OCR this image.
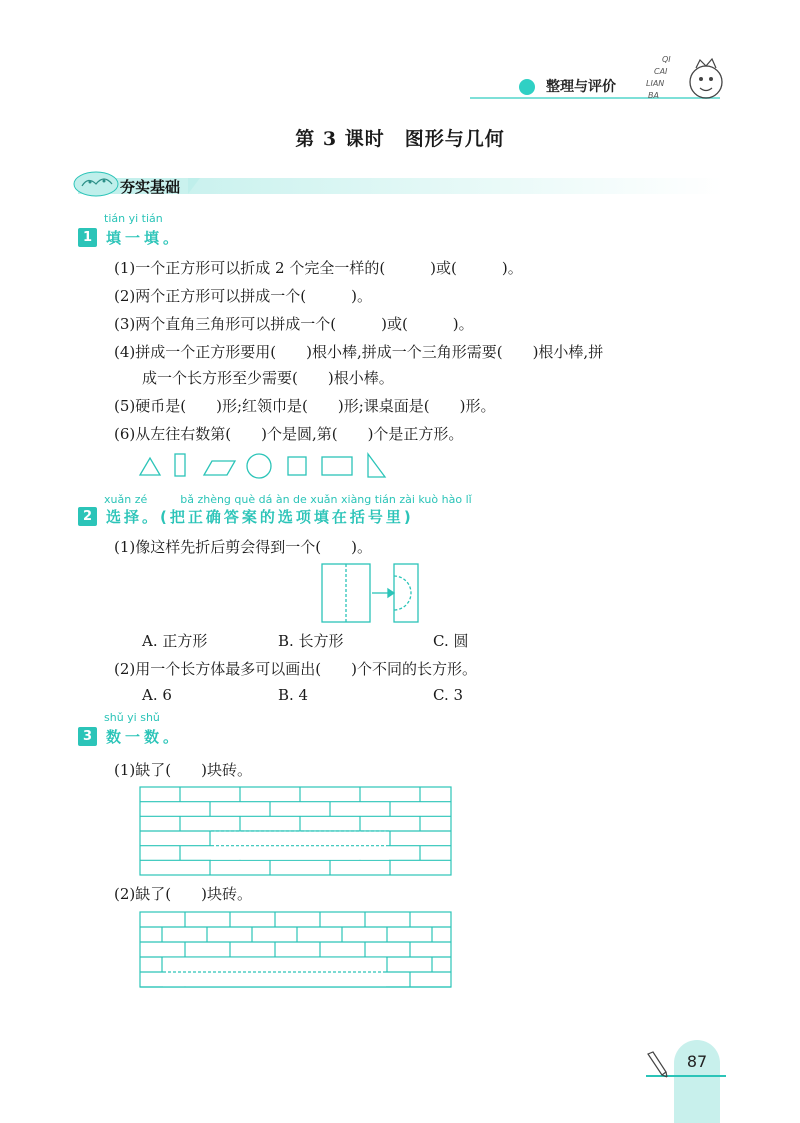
整理与评价
QI
CAI
LIAN
BA
第 3 课时　图形与几何
夯实基础
tián yi tián
1 填一填。
(1)一个正方形可以折成 2 个完全一样的(　　　)或(　　　)。
(2)两个正方形可以拼成一个(　　　)。
(3)两个直角三角形可以拼成一个(　　　)或(　　　)。
(4)拼成一个正方形要用(　　)根小棒,拼成一个三角形需要(　　)根小棒,拼
成一个长方形至少需要(　　)根小棒。
(5)硬币是(　　)形;红领巾是(　　)形;课桌面是(　　)形。
(6)从左往右数第(　　)个是圆,第(　　)个是正方形。
xuǎn zé　　　bǎ zhèng què dá àn de xuǎn xiàng tián zài kuò hào lǐ
2 选择。(把正确答案的选项填在括号里)
(1)像这样先折后剪会得到一个(　　)。
A. 正方形	B. 长方形	C. 圆
(2)用一个长方体最多可以画出(　　)个不同的长方形。
A. 6	B. 4	C. 3
shǔ yi shǔ
3 数一数。
(1)缺了(　　)块砖。
(2)缺了(　　)块砖。
87
